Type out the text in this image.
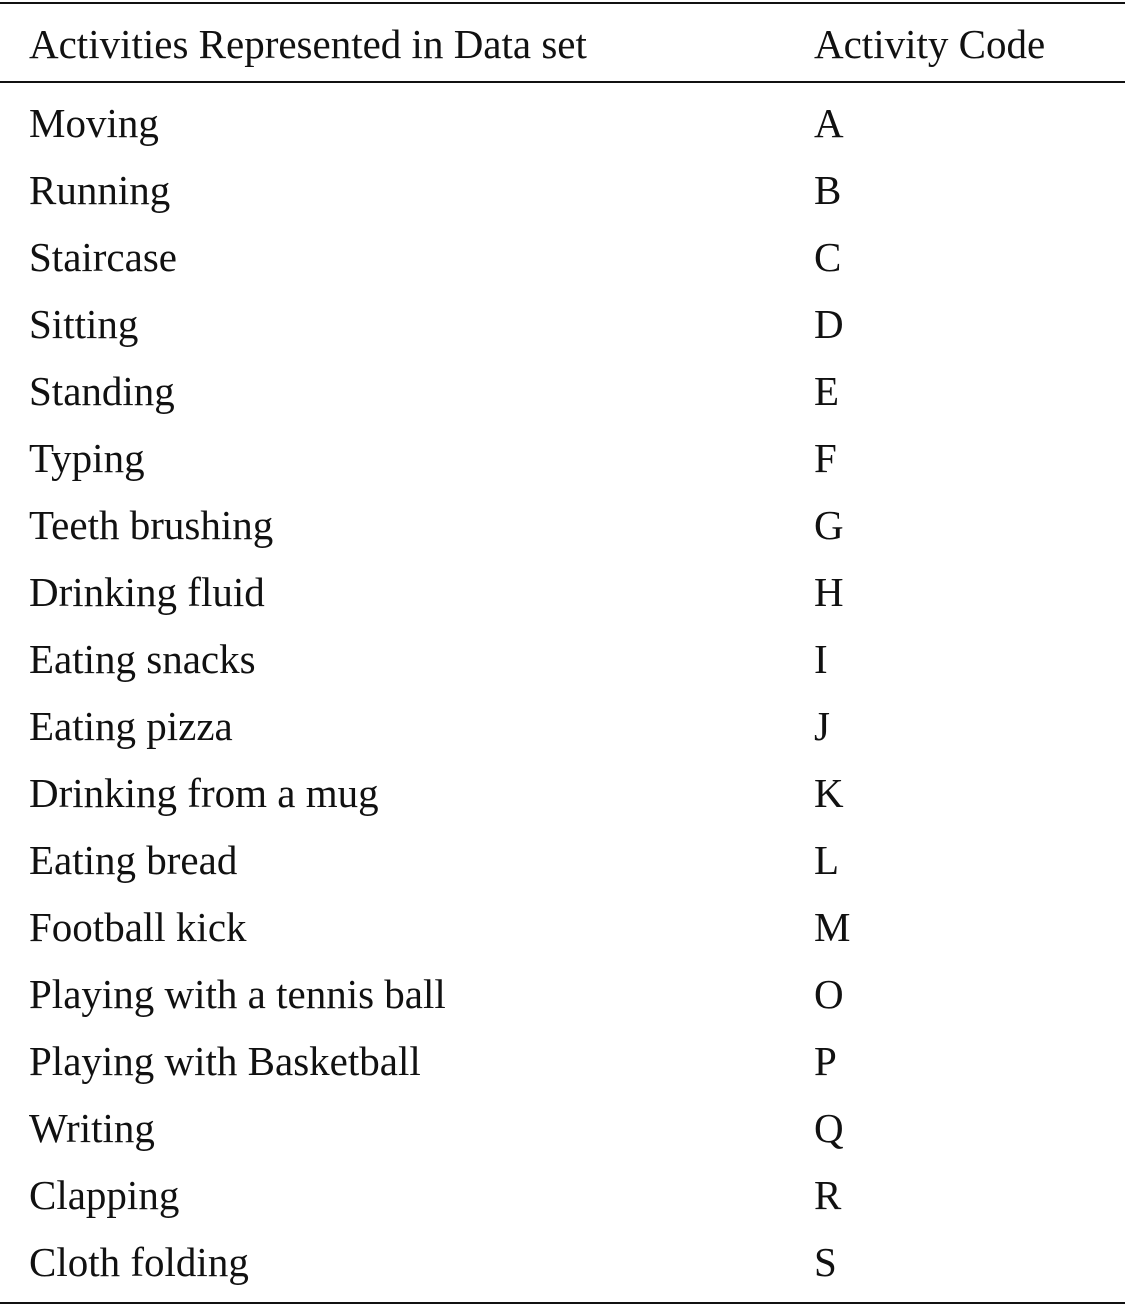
Activities Represented in Data set	Activity Code
Moving	A
Running	B
Staircase	C
Sitting	D
Standing	E
Typing	F
Teeth brushing	G
Drinking fluid	H
Eating snacks	I
Eating pizza	J
Drinking from a mug	K
Eating bread	L
Football kick	M
Playing with a tennis ball	O
Playing with Basketball	P
Writing	Q
Clapping	R
Cloth folding	S
